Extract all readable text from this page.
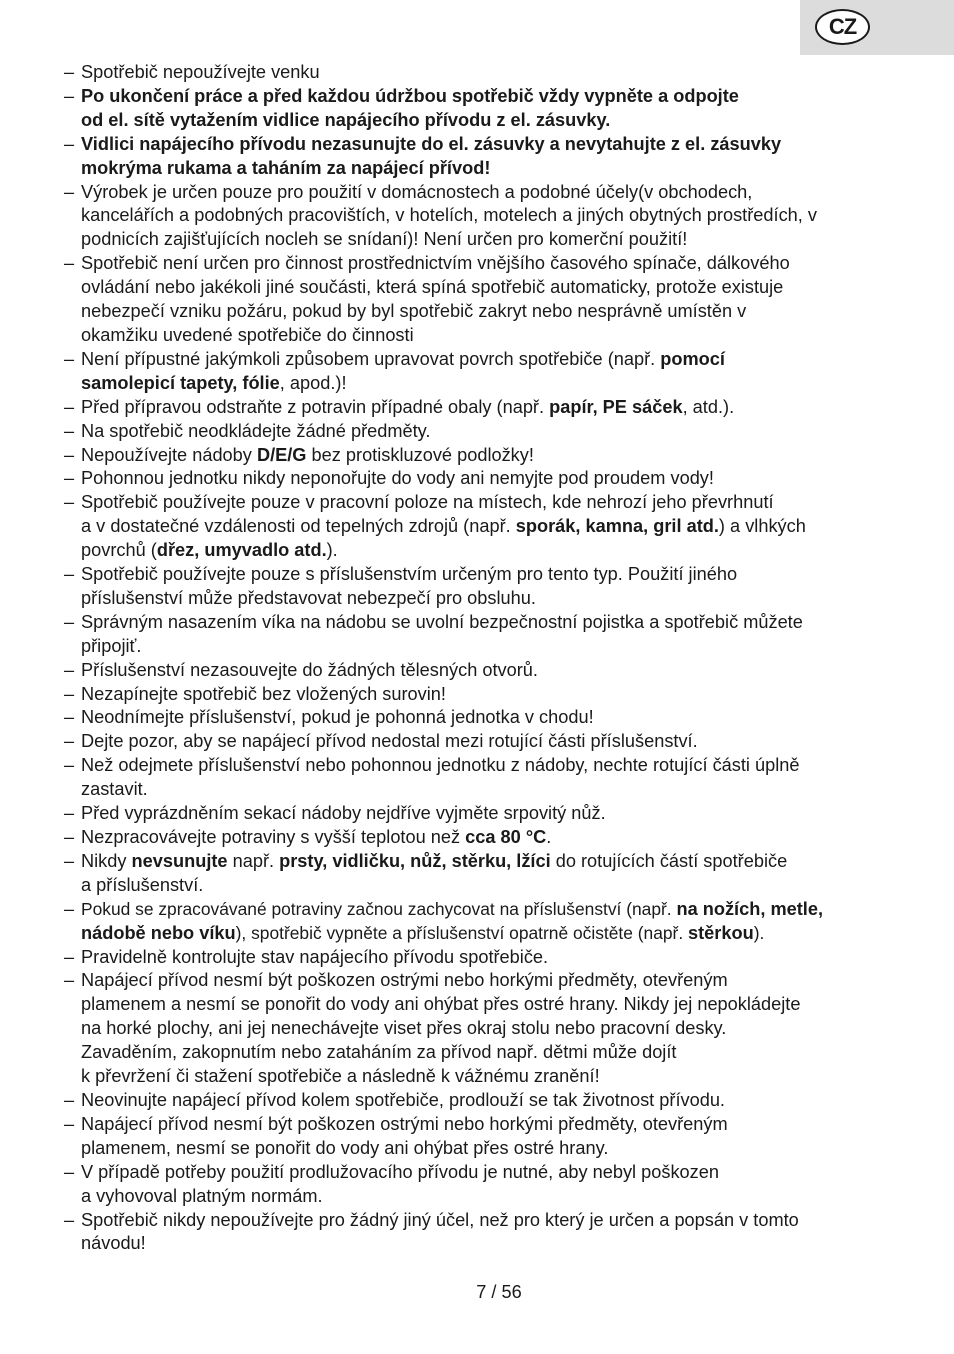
CZ
– Spotřebič nepoužívejte venku
– Po ukončení práce a před každou údržbou spotřebič vždy vypněte a odpojte
od el. sítě vytažením vidlice napájecího přívodu z el. zásuvky.
– Vidlici napájecího přívodu nezasunujte do el. zásuvky a nevytahujte z el. zásuvky
mokrýma rukama a taháním za napájecí přívod!
– Výrobek je určen pouze pro použití v domácnostech a podobné účely(v obchodech,
kancelářích a podobných pracovištích, v hotelích, motelech a jiných obytných prostředích, v
podnicích zajišťujících nocleh se snídaní)! Není určen pro komerční použití!
– Spotřebič není určen pro činnost prostřednictvím vnějšího časového spínače, dálkového
ovládání nebo jakékoli jiné součásti, která spíná spotřebič automaticky, protože existuje
nebezpečí vzniku požáru, pokud by byl spotřebič zakryt nebo nesprávně umístěn v
okamžiku uvedené spotřebiče do činnosti
– Není přípustné jakýmkoli způsobem upravovat povrch spotřebiče (např. pomocí
samolepicí tapety, fólie, apod.)!
– Před přípravou odstraňte z potravin případné obaly (např. papír, PE sáček, atd.).
– Na spotřebič neodkládejte žádné předměty.
– Nepoužívejte nádoby D/E/G bez protiskluzové podložky!
– Pohonnou jednotku nikdy neponořujte do vody ani nemyjte pod proudem vody!
– Spotřebič používejte pouze v pracovní poloze na místech, kde nehrozí jeho převrhnutí
a v dostatečné vzdálenosti od tepelných zdrojů (např. sporák, kamna, gril atd.) a vlhkých
povrchů (dřez, umyvadlo atd.).
– Spotřebič používejte pouze s příslušenstvím určeným pro tento typ. Použití jiného
příslušenství může představovat nebezpečí pro obsluhu.
– Správným nasazením víka na nádobu se uvolní bezpečnostní pojistka a spotřebič můžete
připojiť.
– Příslušenství nezasouvejte do žádných tělesných otvorů.
– Nezapínejte spotřebič bez vložených surovin!
– Neodnímejte příslušenství, pokud je pohonná jednotka v chodu!
– Dejte pozor, aby se napájecí přívod nedostal mezi rotující části příslušenství.
– Než odejmete příslušenství nebo pohonnou jednotku z nádoby, nechte rotující části úplně
zastavit.
– Před vyprázdněním sekací nádoby nejdříve vyjměte srpovitý nůž.
– Nezpracovávejte potraviny s vyšší teplotou než cca 80 °C.
– Nikdy nevsunujte např. prsty, vidličku, nůž, stěrku, lžíci do rotujících částí spotřebiče
a příslušenství.
– Pokud se zpracovávané potraviny začnou zachycovat na příslušenství (např. na nožích, metle,
nádobě nebo víku), spotřebič vypněte a příslušenství opatrně očistěte (např. stěrkou).
– Pravidelně kontrolujte stav napájecího přívodu spotřebiče.
– Napájecí přívod nesmí být poškozen ostrými nebo horkými předměty, otevřeným
plamenem a nesmí se ponořit do vody ani ohýbat přes ostré hrany. Nikdy jej nepokládejte
na horké plochy, ani jej nenechávejte viset přes okraj stolu nebo pracovní desky.
Zavaděním, zakopnutím nebo zataháním za přívod např. dětmi může dojít
k převržení či stažení spotřebiče a následně k vážnému zranění!
– Neovinujte napájecí přívod kolem spotřebiče, prodlouží se tak životnost přívodu.
– Napájecí přívod nesmí být poškozen ostrými nebo horkými předměty, otevřeným
plamenem, nesmí se ponořit do vody ani ohýbat přes ostré hrany.
– V případě potřeby použití prodlužovacího přívodu je nutné, aby nebyl poškozen
a vyhovoval platným normám.
– Spotřebič nikdy nepoužívejte pro žádný jiný účel, než pro který je určen a popsán v tomto
návodu!
7 / 56
